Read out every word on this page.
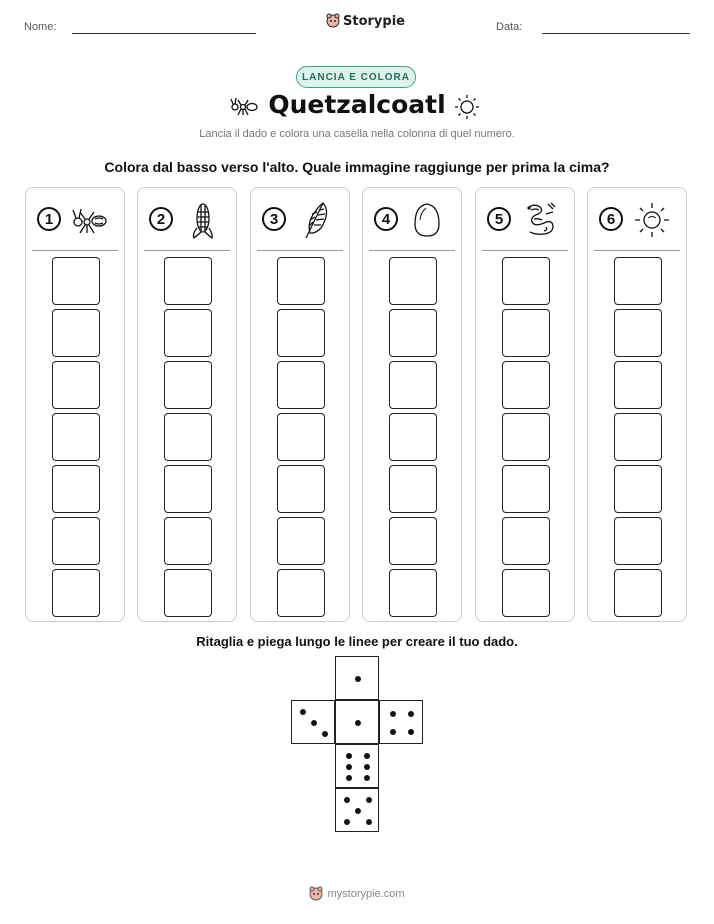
Nome:	Storypie	Data:
LANCIA E COLORA
Quetzalcoatl
Lancia il dado e colora una casella nella colonna di quel numero.
Colora dal basso verso l'alto. Quale immagine raggiunge per prima la cima?
1	2	3	4	5	6
Ritaglia e piega lungo le linee per creare il tuo dado.
mystorypie.com
